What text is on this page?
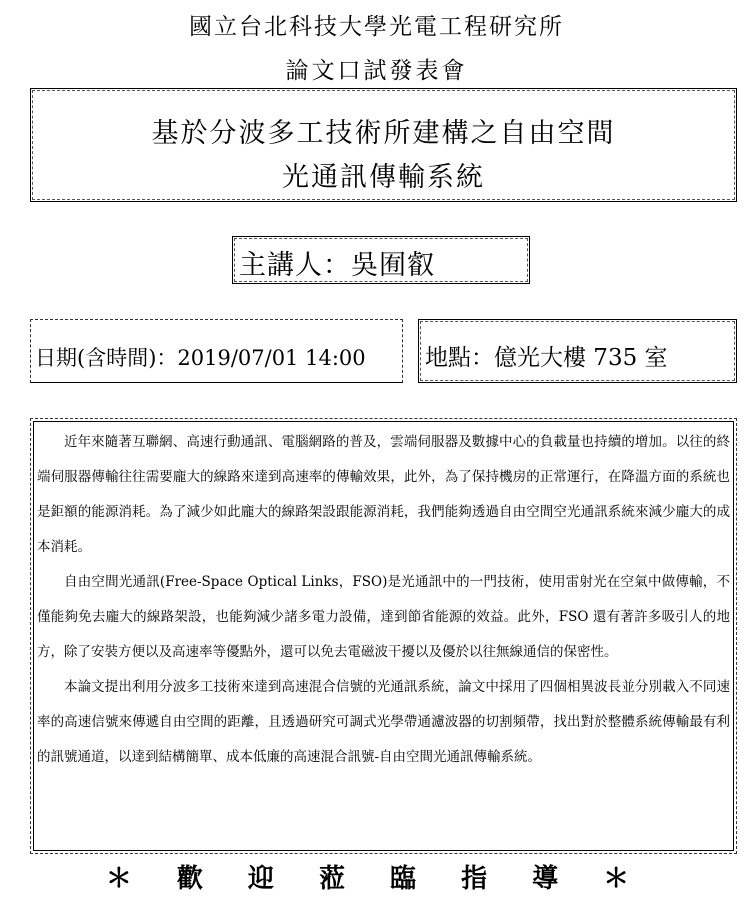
國立台北科技大學光電工程研究所
論文口試發表會
基於分波多工技術所建構之自由空間
光通訊傳輸系統
主講人：吳囿叡
日期(含時間)：2019/07/01 14:00	地點：億光大樓 735 室

近年來隨著互聯網、高速行動通訊、電腦網路的普及，雲端伺服器及數據中心的負載量也持續的增加。以往的終端伺服器傳輸往往需要龐大的線路來達到高速率的傳輸效果，此外，為了保持機房的正常運行，在降溫方面的系統也是鉅額的能源消耗。為了減少如此龐大的線路架設跟能源消耗，我們能夠透過自由空間空光通訊系統來減少龐大的成本消耗。

自由空間光通訊(Free-Space Optical Links，FSO)是光通訊中的一門技術，使用雷射光在空氣中做傳輸，不僅能夠免去龐大的線路架設，也能夠減少諸多電力設備，達到節省能源的效益。此外，FSO 還有著許多吸引人的地方，除了安裝方便以及高速率等優點外，還可以免去電磁波干擾以及優於以往無線通信的保密性。

本論文提出利用分波多工技術來達到高速混合信號的光通訊系統，論文中採用了四個相異波長並分別載入不同速率的高速信號來傳遞自由空間的距離，且透過研究可調式光學帶通濾波器的切割頻帶，找出對於整體系統傳輸最有利的訊號通道，以達到結構簡單、成本低廉的高速混合訊號-自由空間光通訊傳輸系統。

＊ 歡 迎 蒞 臨 指 導 ＊
